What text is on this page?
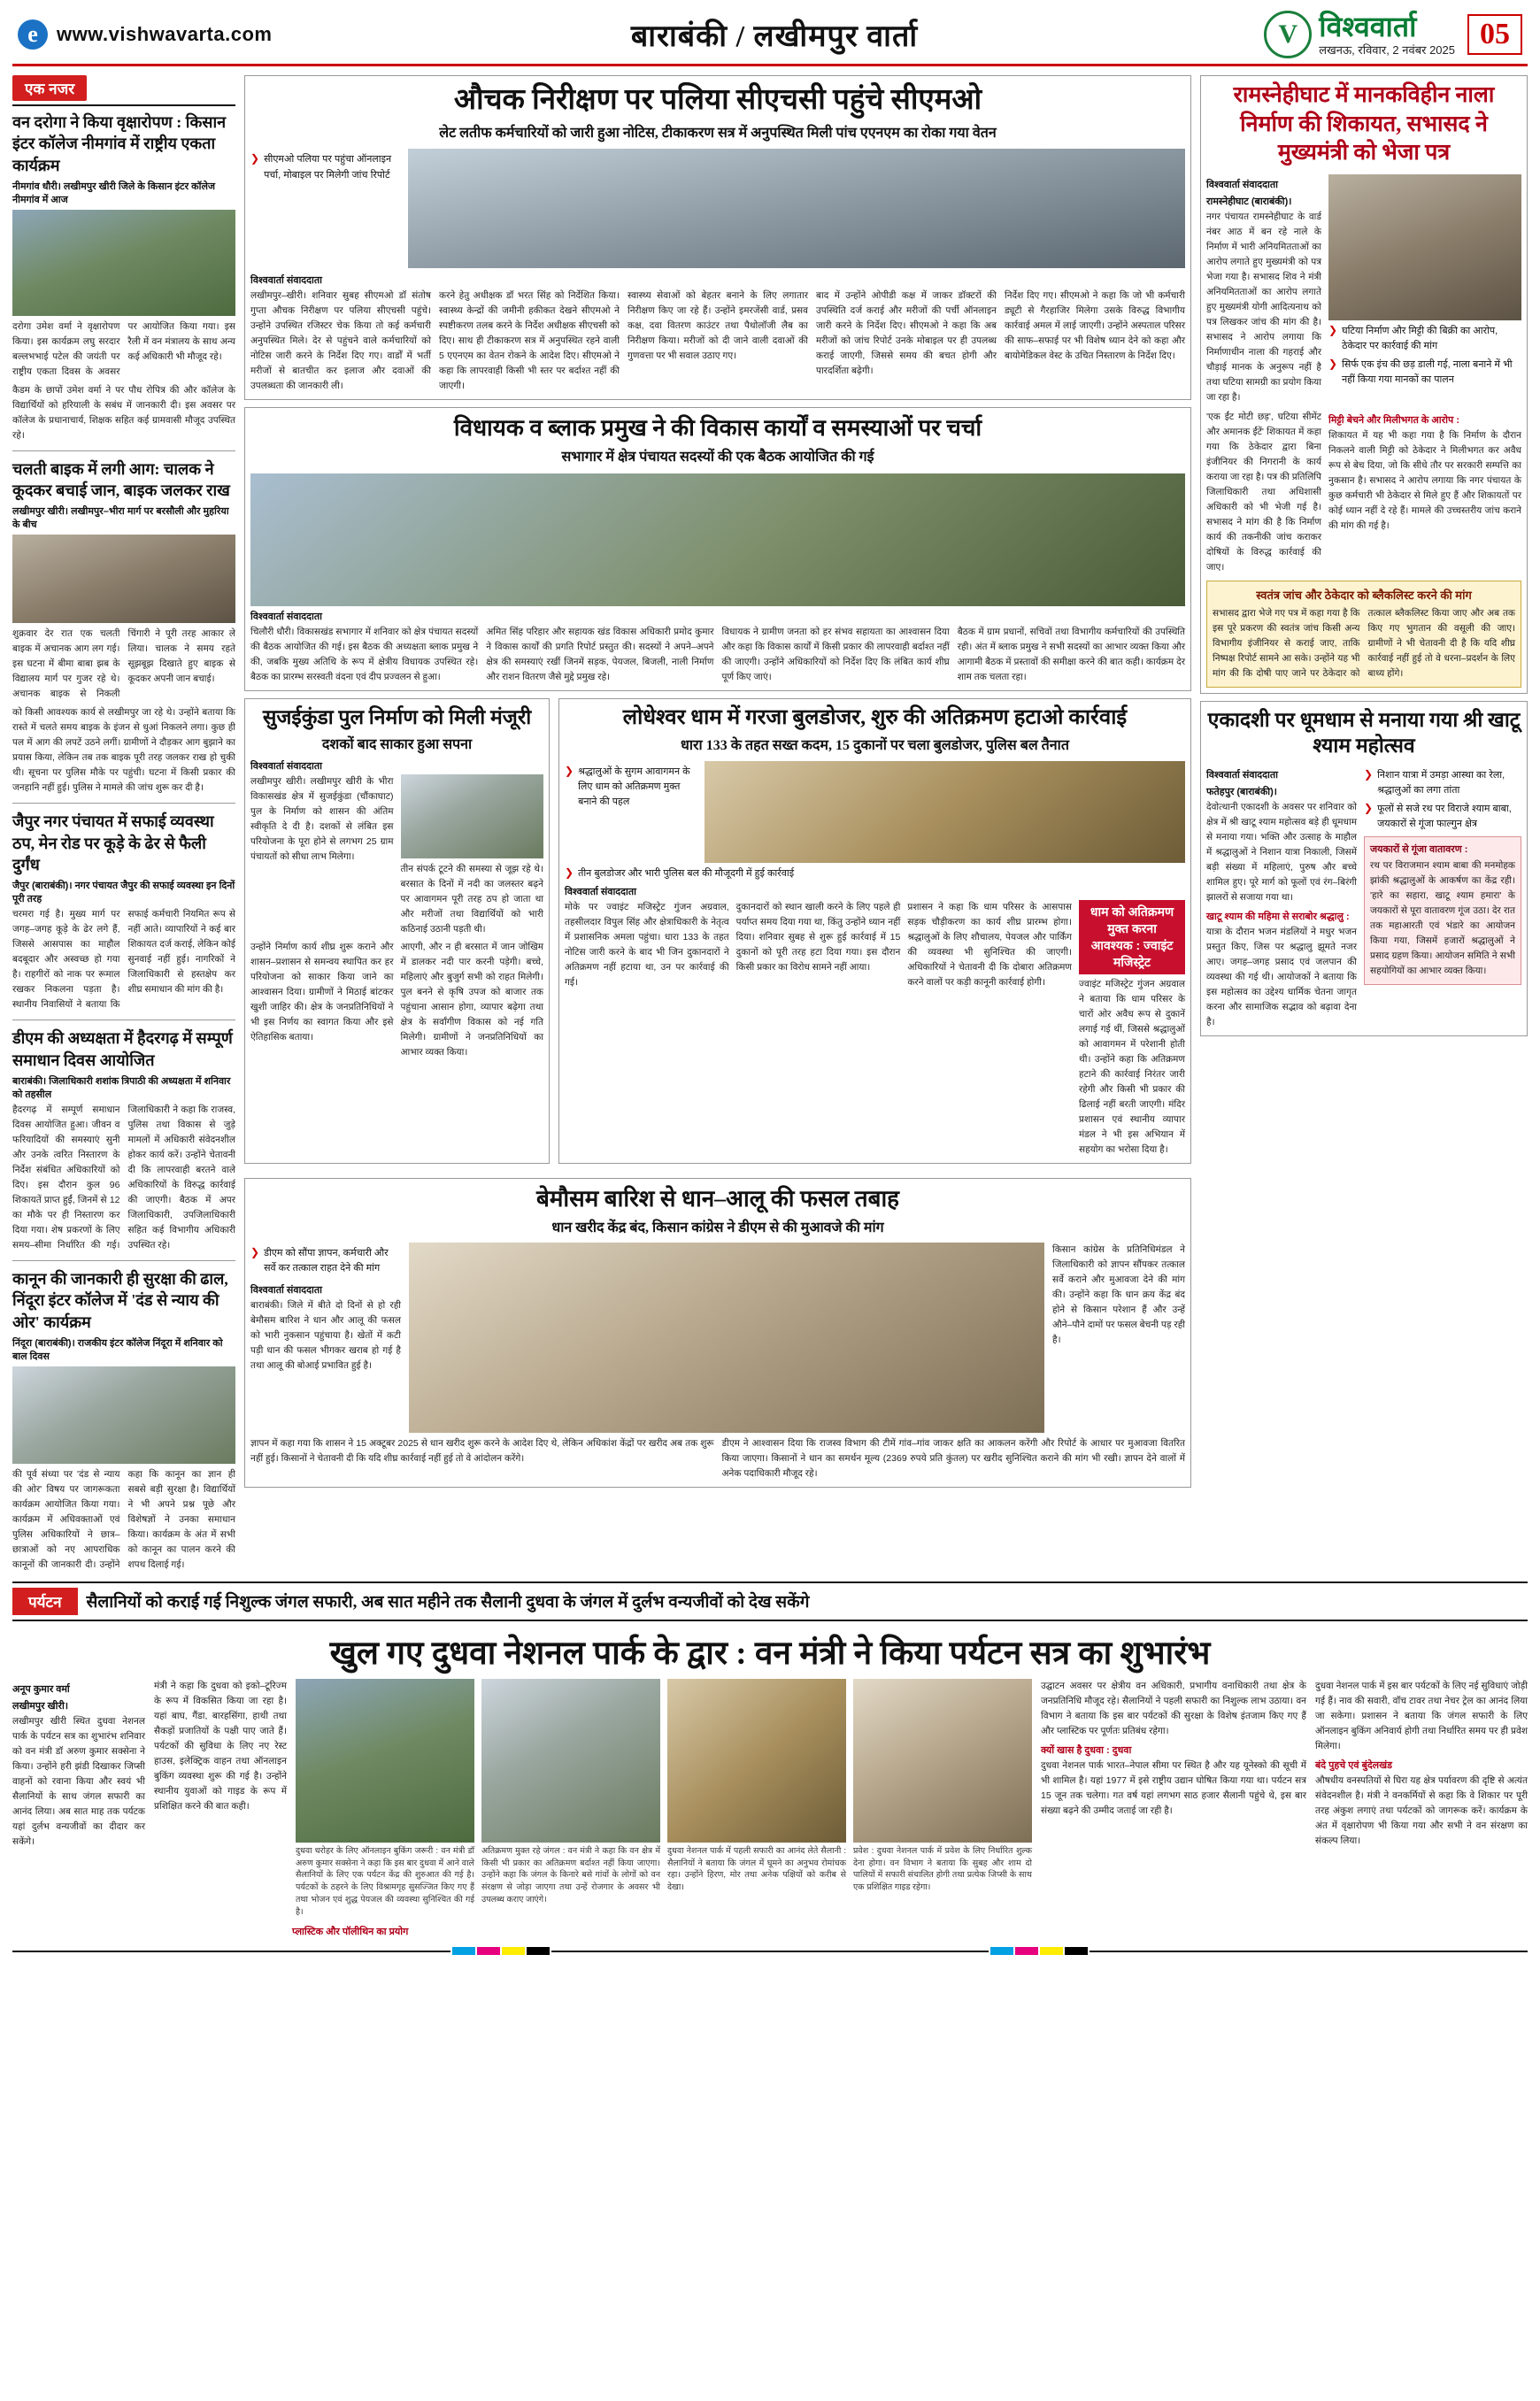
e www.vishwavarta.com	बाराबंकी / लखीमपुर वार्ता	V विश्ववार्ता
लखनऊ, रविवार, 2 नवंबर 2025 05
एक नजर
वन दरोगा ने किया वृक्षारोपण : किसान इंटर कॉलेज नीमगांव में राष्ट्रीय एकता कार्यक्रम
नीमगांव धौरी। लखीमपुर खीरी जिले के किसान इंटर कॉलेज नीमगांव में आज
दरोगा उमेश वर्मा ने वृक्षारोपण किया। इस कार्यक्रम लघु सरदार बल्लभभाई पटेल की जयंती पर राष्ट्रीय एकता दिवस के अवसर पर आयोजित किया गया। इस रैली में वन मंत्रालय के साथ अन्य कई अधिकारी भी मौजूद रहे।
कैडम के छापों उमेश वर्मा ने पर पौध रोपित्र की और कॉलेज के विद्यार्थियों को हरियाली के सबंध में जानकारी दी। इस अवसर पर कॉलेज के प्रधानाचार्य, शिक्षक सहित कई ग्रामवासी मौजूद उपस्थित रहे।
चलती बाइक में लगी आग: चालक ने कूदकर बचाई जान, बाइक जलकर राख
लखीमपुर खीरी। लखीमपुर–भीरा मार्ग पर बरसौली और मुहरिया के बीच
शुक्रवार देर रात एक चलती बाइक में अचानक आग लग गई। इस घटना में बीमा बाबा झब के विद्यालय मार्ग पर गुजर रहे थे। अचानक बाइक से निकली चिंगारी ने पूरी तरह आकार ले लिया। चालक ने समय रहते सूझबूझ दिखाते हुए बाइक से कूदकर अपनी जान बचाई।
को किसी आवश्यक कार्य से लखीमपुर जा रहे थे। उन्होंने बताया कि रास्ते में चलते समय बाइक के इंजन से धुआं निकलने लगा। कुछ ही पल में आग की लपटें उठने लगीं। ग्रामीणों ने दौड़कर आग बुझाने का प्रयास किया, लेकिन तब तक बाइक पूरी तरह जलकर राख हो चुकी थी। सूचना पर पुलिस मौके पर पहुंची। घटना में किसी प्रकार की जनहानि नहीं हुई। पुलिस ने मामले की जांच शुरू कर दी है।
जैपुर नगर पंचायत में सफाई व्यवस्था ठप, मेन रोड पर कूड़े के ढेर से फैली दुर्गंध
जैपुर (बाराबंकी)। नगर पंचायत जैपुर की सफाई व्यवस्था इन दिनों पूरी तरह
चरमरा गई है। मुख्य मार्ग पर जगह–जगह कूड़े के ढेर लगे हैं, जिससे आसपास का माहौल बदबूदार और अस्वच्छ हो गया है। राहगीरों को नाक पर रूमाल रखकर निकलना पड़ता है। स्थानीय निवासियों ने बताया कि सफाई कर्मचारी नियमित रूप से नहीं आते। व्यापारियों ने कई बार शिकायत दर्ज कराई, लेकिन कोई सुनवाई नहीं हुई। नागरिकों ने जिलाधिकारी से हस्तक्षेप कर शीघ्र समाधान की मांग की है।
डीएम की अध्यक्षता में हैदरगढ़ में सम्पूर्ण समाधान दिवस आयोजित
बाराबंकी। जिलाधिकारी शशांक त्रिपाठी की अध्यक्षता में शनिवार को तहसील
हैदरगढ़ में सम्पूर्ण समाधान दिवस आयोजित हुआ। जीवन व फरियादियों की समस्याएं सुनी और उनके त्वरित निस्तारण के निर्देश संबंधित अधिकारियों को दिए। इस दौरान कुल 96 शिकायतें प्राप्त हुईं, जिनमें से 12 का मौके पर ही निस्तारण कर दिया गया। शेष प्रकरणों के लिए समय–सीमा निर्धारित की गई। जिलाधिकारी ने कहा कि राजस्व, पुलिस तथा विकास से जुड़े मामलों में अधिकारी संवेदनशील होकर कार्य करें। उन्होंने चेतावनी दी कि लापरवाही बरतने वाले अधिकारियों के विरुद्ध कार्रवाई की जाएगी। बैठक में अपर जिलाधिकारी, उपजिलाधिकारी सहित कई विभागीय अधिकारी उपस्थित रहे।
कानून की जानकारी ही सुरक्षा की ढाल, निंदूरा इंटर कॉलेज में 'दंड से न्याय की ओर' कार्यक्रम
निंदूरा (बाराबंकी)। राजकीय इंटर कॉलेज निंदूरा में शनिवार को बाल दिवस
की पूर्व संध्या पर 'दंड से न्याय की ओर' विषय पर जागरूकता कार्यक्रम आयोजित किया गया। कार्यक्रम में अधिवक्ताओं एवं पुलिस अधिकारियों ने छात्र–छात्राओं को नए आपराधिक कानूनों की जानकारी दी। उन्होंने कहा कि कानून का ज्ञान ही सबसे बड़ी सुरक्षा है। विद्यार्थियों ने भी अपने प्रश्न पूछे और विशेषज्ञों ने उनका समाधान किया। कार्यक्रम के अंत में सभी को कानून का पालन करने की शपथ दिलाई गई।
औचक निरीक्षण पर पलिया सीएचसी पहुंचे सीएमओ
लेट लतीफ कर्मचारियों को जारी हुआ नोटिस, टीकाकरण सत्र में अनुपस्थित मिली पांच एएनएम का रोका गया वेतन
❯ सीएमओ पलिया पर पहुंचा ऑनलाइन पर्चा, मोबाइल पर मिलेगी जांच रिपोर्ट
विश्ववार्ता संवाददाता
लखीमपुर–खीरी। शनिवार सुबह सीएमओ डॉ संतोष गुप्ता औचक निरीक्षण पर पलिया सीएचसी पहुंचे। उन्होंने उपस्थित रजिस्टर चेक किया तो कई कर्मचारी अनुपस्थित मिले। देर से पहुंचने वाले कर्मचारियों को नोटिस जारी करने के निर्देश दिए गए। वार्डों में भर्ती मरीजों से बातचीत कर इलाज और दवाओं की उपलब्धता की जानकारी ली।
करने हेतु अधीक्षक डॉ भरत सिंह को निर्देशित किया। स्वास्थ्य केन्द्रों की जमीनी हकीकत देखने सीएमओ ने स्पष्टीकरण तलब करने के निर्देश अधीक्षक सीएचसी को दिए। साथ ही टीकाकरण सत्र में अनुपस्थित रहने वाली 5 एएनएम का वेतन रोकने के आदेश दिए। सीएमओ ने कहा कि लापरवाही किसी भी स्तर पर बर्दाश्त नहीं की जाएगी।
स्वास्थ्य सेवाओं को बेहतर बनाने के लिए लगातार निरीक्षण किए जा रहे हैं। उन्होंने इमरजेंसी वार्ड, प्रसव कक्ष, दवा वितरण काउंटर तथा पैथोलॉजी लैब का निरीक्षण किया। मरीजों को दी जाने वाली दवाओं की गुणवत्ता पर भी सवाल उठाए गए।
बाद में उन्होंने ओपीडी कक्ष में जाकर डॉक्टरों की उपस्थिति दर्ज कराई और मरीजों की पर्ची ऑनलाइन जारी करने के निर्देश दिए। सीएमओ ने कहा कि अब मरीजों को जांच रिपोर्ट उनके मोबाइल पर ही उपलब्ध कराई जाएगी, जिससे समय की बचत होगी और पारदर्शिता बढ़ेगी।
निर्देश दिए गए। सीएमओ ने कहा कि जो भी कर्मचारी ड्यूटी से गैरहाजिर मिलेगा उसके विरुद्ध विभागीय कार्रवाई अमल में लाई जाएगी। उन्होंने अस्पताल परिसर की साफ–सफाई पर भी विशेष ध्यान देने को कहा और बायोमेडिकल वेस्ट के उचित निस्तारण के निर्देश दिए।
विधायक व ब्लाक प्रमुख ने की विकास कार्यों व समस्याओं पर चर्चा
सभागार में क्षेत्र पंचायत सदस्यों की एक बैठक आयोजित की गई
विश्ववार्ता संवाददाता
चिलौरी धौरी। विकासखंड सभागार में शनिवार को क्षेत्र पंचायत सदस्यों की बैठक आयोजित की गई। इस बैठक की अध्यक्षता ब्लाक प्रमुख ने की, जबकि मुख्य अतिथि के रूप में क्षेत्रीय विधायक उपस्थित रहे। बैठक का प्रारम्भ सरस्वती वंदना एवं दीप प्रज्वलन से हुआ।
अमित सिंह परिहार और सहायक खंड विकास अधिकारी प्रमोद कुमार ने विकास कार्यों की प्रगति रिपोर्ट प्रस्तुत की। सदस्यों ने अपने–अपने क्षेत्र की समस्याएं रखीं जिनमें सड़क, पेयजल, बिजली, नाली निर्माण और राशन वितरण जैसे मुद्दे प्रमुख रहे।
विधायक ने ग्रामीण जनता को हर संभव सहायता का आश्वासन दिया और कहा कि विकास कार्यों में किसी प्रकार की लापरवाही बर्दाश्त नहीं की जाएगी। उन्होंने अधिकारियों को निर्देश दिए कि लंबित कार्य शीघ्र पूर्ण किए जाएं।
बैठक में ग्राम प्रधानों, सचिवों तथा विभागीय कर्मचारियों की उपस्थिति रही। अंत में ब्लाक प्रमुख ने सभी सदस्यों का आभार व्यक्त किया और आगामी बैठक में प्रस्तावों की समीक्षा करने की बात कही। कार्यक्रम देर शाम तक चलता रहा।
सुजईकुंडा पुल निर्माण को मिली मंजूरी
दशकों बाद साकार हुआ सपना
विश्ववार्ता संवाददाता
लखीमपुर खीरी। लखीमपुर खीरी के भीरा विकासखंड क्षेत्र में सुजईकुंडा (चौंकाघाट) पुल के निर्माण को शासन की अंतिम स्वीकृति दे दी है। दशकों से लंबित इस परियोजना के पूरा होने से लगभग 25 ग्राम पंचायतों को सीधा लाभ मिलेगा।
तीन संपर्क टूटने की समस्या से जूझ रहे थे। बरसात के दिनों में नदी का जलस्तर बढ़ने पर आवागमन पूरी तरह ठप हो जाता था और मरीजों तथा विद्यार्थियों को भारी कठिनाई उठानी पड़ती थी।
उन्होंने निर्माण कार्य शीघ्र शुरू कराने और शासन–प्रशासन से समन्वय स्थापित कर हर परियोजना को साकार किया जाने का आश्वासन दिया। ग्रामीणों ने मिठाई बांटकर खुशी जाहिर की। क्षेत्र के जनप्रतिनिधियों ने भी इस निर्णय का स्वागत किया और इसे ऐतिहासिक बताया।
आएगी, और न ही बरसात में जान जोखिम में डालकर नदी पार करनी पड़ेगी। बच्चे, महिलाएं और बुजुर्ग सभी को राहत मिलेगी। पुल बनने से कृषि उपज को बाजार तक पहुंचाना आसान होगा, व्यापार बढ़ेगा तथा क्षेत्र के सर्वांगीण विकास को नई गति मिलेगी। ग्रामीणों ने जनप्रतिनिधियों का आभार व्यक्त किया।
लोधेश्वर धाम में गरजा बुलडोजर, शुरु की अतिक्रमण हटाओ कार्रवाई
धारा 133 के तहत सख्त कदम, 15 दुकानों पर चला बुलडोजर, पुलिस बल तैनात
❯ श्रद्धालुओं के सुगम आवागमन के लिए धाम को अतिक्रमण मुक्त बनाने की पहल
❯ तीन बुलडोजर और भारी पुलिस बल की मौजूदगी में हुई कार्रवाई
विश्ववार्ता संवाददाता
मोके पर ज्वाइंट मजिस्ट्रेट गुंजन अग्रवाल, तहसीलदार विपुल सिंह और क्षेत्राधिकारी के नेतृत्व में प्रशासनिक अमला पहुंचा। धारा 133 के तहत नोटिस जारी करने के बाद भी जिन दुकानदारों ने अतिक्रमण नहीं हटाया था, उन पर कार्रवाई की गई।
दुकानदारों को स्थान खाली करने के लिए पहले ही पर्याप्त समय दिया गया था, किंतु उन्होंने ध्यान नहीं दिया। शनिवार सुबह से शुरू हुई कार्रवाई में 15 दुकानों को पूरी तरह हटा दिया गया। इस दौरान किसी प्रकार का विरोध सामने नहीं आया।
प्रशासन ने कहा कि धाम परिसर के आसपास सड़क चौड़ीकरण का कार्य शीघ्र प्रारम्भ होगा। श्रद्धालुओं के लिए शौचालय, पेयजल और पार्किंग की व्यवस्था भी सुनिश्चित की जाएगी। अधिकारियों ने चेतावनी दी कि दोबारा अतिक्रमण करने वालों पर कड़ी कानूनी कार्रवाई होगी।
धाम को अतिक्रमण मुक्त करना आवश्यक : ज्वाइंट मजिस्ट्रेट
ज्वाइंट मजिस्ट्रेट गुंजन अग्रवाल ने बताया कि धाम परिसर के चारों ओर अवैध रूप से दुकानें लगाई गई थीं, जिससे श्रद्धालुओं को आवागमन में परेशानी होती थी। उन्होंने कहा कि अतिक्रमण हटाने की कार्रवाई निरंतर जारी रहेगी और किसी भी प्रकार की ढिलाई नहीं बरती जाएगी। मंदिर प्रशासन एवं स्थानीय व्यापार मंडल ने भी इस अभियान में सहयोग का भरोसा दिया है।
बेमौसम बारिश से धान–आलू की फसल तबाह
धान खरीद केंद्र बंद, किसान कांग्रेस ने डीएम से की मुआवजे की मांग
❯ डीएम को सौंपा ज्ञापन, कर्मचारी और सर्वे कर तत्काल राहत देने की मांग
विश्ववार्ता संवाददाता
बाराबंकी। जिले में बीते दो दिनों से हो रही बेमौसम बारिश ने धान और आलू की फसल को भारी नुकसान पहुंचाया है। खेतों में कटी पड़ी धान की फसल भीगकर खराब हो गई है तथा आलू की बोआई प्रभावित हुई है।
किसान कांग्रेस के प्रतिनिधिमंडल ने जिलाधिकारी को ज्ञापन सौंपकर तत्काल सर्वे कराने और मुआवजा देने की मांग की। उन्होंने कहा कि धान क्रय केंद्र बंद होने से किसान परेशान हैं और उन्हें औने–पौने दामों पर फसल बेचनी पड़ रही है।
ज्ञापन में कहा गया कि शासन ने 15 अक्टूबर 2025 से धान खरीद शुरू करने के आदेश दिए थे, लेकिन अधिकांश केंद्रों पर खरीद अब तक शुरू नहीं हुई। किसानों ने चेतावनी दी कि यदि शीघ्र कार्रवाई नहीं हुई तो वे आंदोलन करेंगे।
डीएम ने आश्वासन दिया कि राजस्व विभाग की टीमें गांव–गांव जाकर क्षति का आकलन करेंगी और रिपोर्ट के आधार पर मुआवजा वितरित किया जाएगा। किसानों ने धान का समर्थन मूल्य (2369 रुपये प्रति कुंतल) पर खरीद सुनिश्चित कराने की मांग भी रखी। ज्ञापन देने वालों में अनेक पदाधिकारी मौजूद रहे।
रामस्नेहीघाट में मानकविहीन नाला निर्माण की शिकायत, सभासद ने मुख्यमंत्री को भेजा पत्र
विश्ववार्ता संवाददाता
रामस्नेहीघाट (बाराबंकी)।
नगर पंचायत रामस्नेहीघाट के वार्ड नंबर आठ में बन रहे नाले के निर्माण में भारी अनियमितताओं का आरोप लगाते हुए मुख्यमंत्री को पत्र भेजा गया है। सभासद शिव ने मंत्री अनियमितताओं का आरोप लगाते हुए मुख्यमंत्री योगी आदित्यनाथ को पत्र लिखकर जांच की मांग की है। सभासद ने आरोप लगाया कि निर्माणाधीन नाला की गहराई और चौड़ाई मानक के अनुरूप नहीं है तथा घटिया सामग्री का प्रयोग किया जा रहा है।
❯ घटिया निर्माण और मिट्टी की बिक्री का आरोप, ठेकेदार पर कार्रवाई की मांग
❯ सिर्फ एक इंच की छड़ डाली गई, नाला बनाने में भी नहीं किया गया मानकों का पालन
'एक ईंट मोटी छड़', घटिया सीमेंट और अमानक ईंटें' शिकायत में कहा गया कि ठेकेदार द्वारा बिना इंजीनियर की निगरानी के कार्य कराया जा रहा है। पत्र की प्रतिलिपि जिलाधिकारी तथा अधिशासी अधिकारी को भी भेजी गई है। सभासद ने मांग की है कि निर्माण कार्य की तकनीकी जांच कराकर दोषियों के विरुद्ध कार्रवाई की जाए।
मिट्टी बेचने और मिलीभगत के आरोप :
शिकायत में यह भी कहा गया है कि निर्माण के दौरान निकलने वाली मिट्टी को ठेकेदार ने मिलीभगत कर अवैध रूप से बेच दिया, जो कि सीधे तौर पर सरकारी सम्पत्ति का नुकसान है। सभासद ने आरोप लगाया कि नगर पंचायत के कुछ कर्मचारी भी ठेकेदार से मिले हुए हैं और शिकायतों पर कोई ध्यान नहीं दे रहे हैं। मामले की उच्चस्तरीय जांच कराने की मांग की गई है।
स्वतंत्र जांच और ठेकेदार को ब्लैकलिस्ट करने की मांग
सभासद द्वारा भेजे गए पत्र में कहा गया है कि इस पूरे प्रकरण की स्वतंत्र जांच किसी अन्य विभागीय इंजीनियर से कराई जाए, ताकि निष्पक्ष रिपोर्ट सामने आ सके। उन्होंने यह भी मांग की कि दोषी पाए जाने पर ठेकेदार को तत्काल ब्लैकलिस्ट किया जाए और अब तक किए गए भुगतान की वसूली की जाए। ग्रामीणों ने भी चेतावनी दी है कि यदि शीघ्र कार्रवाई नहीं हुई तो वे धरना–प्रदर्शन के लिए बाध्य होंगे।
एकादशी पर धूमधाम से मनाया गया श्री खाटू श्याम महोत्सव
विश्ववार्ता संवाददाता
फतेहपुर (बाराबंकी)।
देवोत्थानी एकादशी के अवसर पर शनिवार को क्षेत्र में श्री खाटू श्याम महोत्सव बड़े ही धूमधाम से मनाया गया। भक्ति और उत्साह के माहौल में श्रद्धालुओं ने निशान यात्रा निकाली, जिसमें बड़ी संख्या में महिलाएं, पुरुष और बच्चे शामिल हुए। पूरे मार्ग को फूलों एवं रंग–बिरंगी झालरों से सजाया गया था।
खाटू श्याम की महिमा से सराबोर श्रद्धालु :
यात्रा के दौरान भजन मंडलियों ने मधुर भजन प्रस्तुत किए, जिस पर श्रद्धालु झूमते नजर आए। जगह–जगह प्रसाद एवं जलपान की व्यवस्था की गई थी। आयोजकों ने बताया कि इस महोत्सव का उद्देश्य धार्मिक चेतना जागृत करना और सामाजिक सद्भाव को बढ़ावा देना है।
❯ निशान यात्रा में उमड़ा आस्था का रेला, श्रद्धालुओं का लगा तांता
❯ फूलों से सजे रथ पर विराजे श्याम बाबा, जयकारों से गूंजा फाल्गुन क्षेत्र
जयकारों से गूंजा वातावरण :
रथ पर विराजमान श्याम बाबा की मनमोहक झांकी श्रद्धालुओं के आकर्षण का केंद्र रही। 'हारे का सहारा, खाटू श्याम हमारा' के जयकारों से पूरा वातावरण गूंज उठा। देर रात तक महाआरती एवं भंडारे का आयोजन किया गया, जिसमें हजारों श्रद्धालुओं ने प्रसाद ग्रहण किया। आयोजन समिति ने सभी सहयोगियों का आभार व्यक्त किया।
पर्यटन	सैलानियों को कराई गई निशुल्क जंगल सफारी, अब सात महीने तक सैलानी दुधवा के जंगल में दुर्लभ वन्यजीवों को देख सकेंगे
खुल गए दुधवा नेशनल पार्क के द्वार : वन मंत्री ने किया पर्यटन सत्र का शुभारंभ
अनूप कुमार वर्मा
लखीमपुर खीरी।
लखीमपुर खीरी स्थित दुधवा नेशनल पार्क के पर्यटन सत्र का शुभारंभ शनिवार को वन मंत्री डॉ अरुण कुमार सक्सेना ने किया। उन्होंने हरी झंडी दिखाकर जिप्सी वाहनों को रवाना किया और स्वयं भी सैलानियों के साथ जंगल सफारी का आनंद लिया। अब सात माह तक पर्यटक यहां दुर्लभ वन्यजीवों का दीदार कर सकेंगे।
मंत्री ने कहा कि दुधवा को इको–टूरिज्म के रूप में विकसित किया जा रहा है। यहां बाघ, गैंडा, बारहसिंगा, हाथी तथा सैकड़ों प्रजातियों के पक्षी पाए जाते हैं। पर्यटकों की सुविधा के लिए नए रेस्ट हाउस, इलेक्ट्रिक वाहन तथा ऑनलाइन बुकिंग व्यवस्था शुरू की गई है। उन्होंने स्थानीय युवाओं को गाइड के रूप में प्रशिक्षित करने की बात कही।
दुधवा धरोहर के लिए ऑनलाइन बुकिंग जरूरी : वन मंत्री डॉ अरुण कुमार सक्सेना ने कहा कि इस बार दुधवा में आने वाले सैलानियों के लिए एक पर्यटन केंद्र की शुरुआत की गई है। पर्यटकों के ठहरने के लिए विश्रामगृह सुसज्जित किए गए हैं तथा भोजन एवं शुद्ध पेयजल की व्यवस्था सुनिश्चित की गई है।
अतिक्रमण मुक्त रहे जंगल : वन मंत्री ने कहा कि वन क्षेत्र में किसी भी प्रकार का अतिक्रमण बर्दाश्त नहीं किया जाएगा। उन्होंने कहा कि जंगल के किनारे बसे गांवों के लोगों को वन संरक्षण से जोड़ा जाएगा तथा उन्हें रोजगार के अवसर भी उपलब्ध कराए जाएंगे।
दुधवा नेशनल पार्क में पहली सफारी का आनंद लेते सैलानी : सैलानियों ने बताया कि जंगल में घूमने का अनुभव रोमांचक रहा। उन्होंने हिरण, मोर तथा अनेक पक्षियों को करीब से देखा।
प्रवेश : दुधवा नेशनल पार्क में प्रवेश के लिए निर्धारित शुल्क देना होगा। वन विभाग ने बताया कि सुबह और शाम दो पालियों में सफारी संचालित होगी तथा प्रत्येक जिप्सी के साथ एक प्रशिक्षित गाइड रहेगा।
उद्घाटन अवसर पर क्षेत्रीय वन अधिकारी, प्रभागीय वनाधिकारी तथा क्षेत्र के जनप्रतिनिधि मौजूद रहे। सैलानियों ने पहली सफारी का निशुल्क लाभ उठाया। वन विभाग ने बताया कि इस बार पर्यटकों की सुरक्षा के विशेष इंतजाम किए गए हैं और प्लास्टिक पर पूर्णतः प्रतिबंध रहेगा।
क्यों खास है दुधवा : दुधवा
दुधवा नेशनल पार्क भारत–नेपाल सीमा पर स्थित है और यह यूनेस्को की सूची में भी शामिल है। यहां 1977 में इसे राष्ट्रीय उद्यान घोषित किया गया था। पर्यटन सत्र 15 जून तक चलेगा। गत वर्ष यहां लगभग साठ हजार सैलानी पहुंचे थे, इस बार संख्या बढ़ने की उम्मीद जताई जा रही है।
दुधवा नेशनल पार्क में इस बार पर्यटकों के लिए नई सुविधाएं जोड़ी गई हैं। नाव की सवारी, वॉच टावर तथा नेचर ट्रेल का आनंद लिया जा सकेगा। प्रशासन ने बताया कि जंगल सफारी के लिए ऑनलाइन बुकिंग अनिवार्य होगी तथा निर्धारित समय पर ही प्रवेश मिलेगा।
बंदे पुहचे एवं बुंदेलखंड
औषधीय वनस्पतियों से घिरा यह क्षेत्र पर्यावरण की दृष्टि से अत्यंत संवेदनशील है। मंत्री ने वनकर्मियों से कहा कि वे शिकार पर पूरी तरह अंकुश लगाएं तथा पर्यटकों को जागरूक करें। कार्यक्रम के अंत में वृक्षारोपण भी किया गया और सभी ने वन संरक्षण का संकल्प लिया।
प्लास्टिक और पॉलीथिन का प्रयोग
